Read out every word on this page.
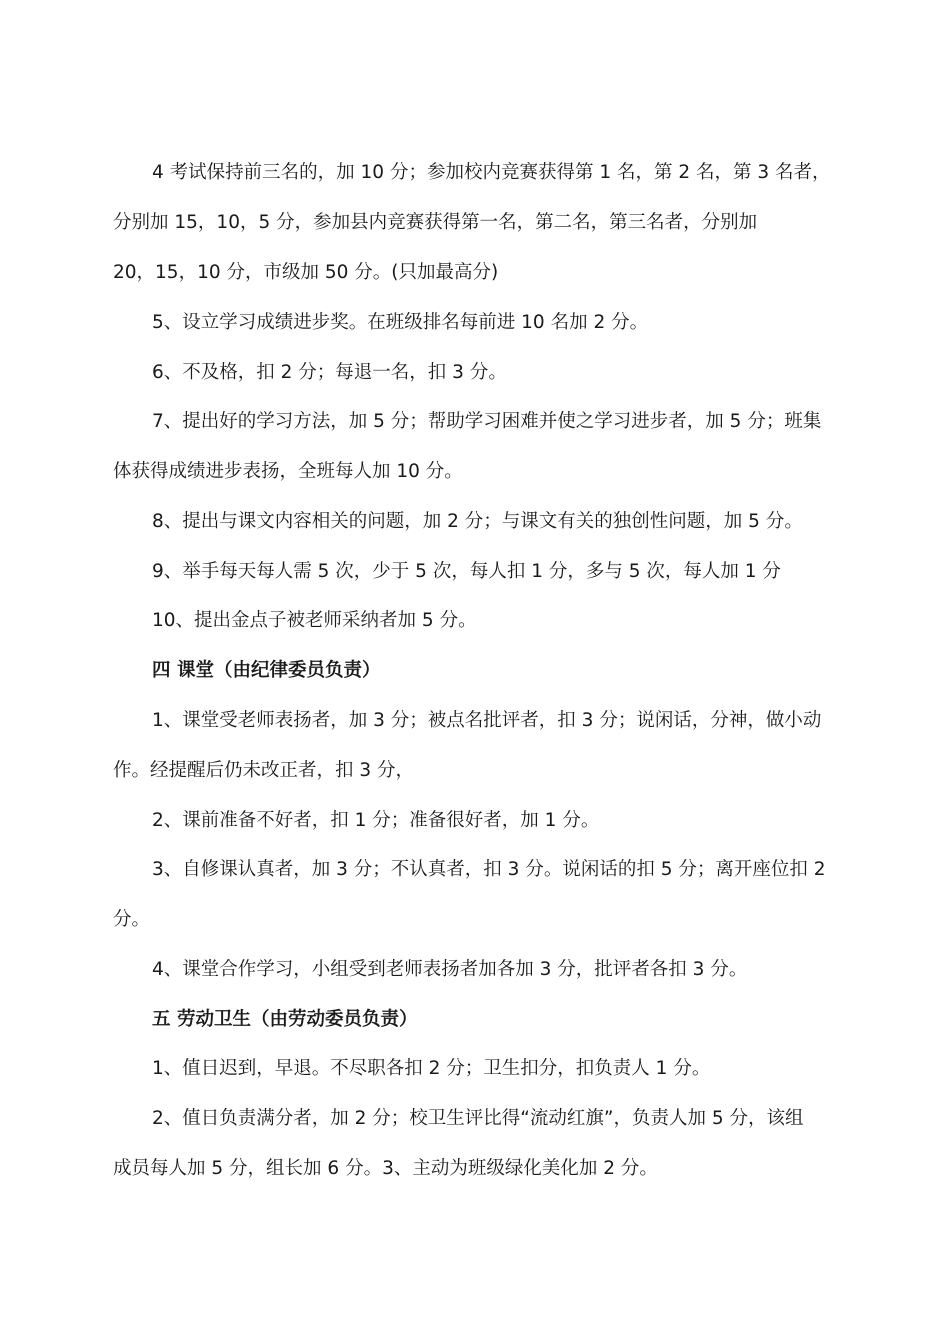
4 考试保持前三名的，加 10 分；参加校内竞赛获得第 1 名，第 2 名，第 3 名者，
分别加 15，10，5 分，参加县内竞赛获得第一名，第二名，第三名者，分别加
20，15，10 分，市级加 50 分。(只加最高分)
5、设立学习成绩进步奖。在班级排名每前进 10 名加 2 分。
6、不及格，扣 2 分；每退一名，扣 3 分。
7、提出好的学习方法，加 5 分；帮助学习困难并使之学习进步者，加 5 分；班集
体获得成绩进步表扬，全班每人加 10 分。
8、提出与课文内容相关的问题，加 2 分；与课文有关的独创性问题，加 5 分。
9、举手每天每人需 5 次，少于 5 次，每人扣 1 分，多与 5 次，每人加 1 分
10、提出金点子被老师采纳者加 5 分。
四 课堂（由纪律委员负责）
1、课堂受老师表扬者，加 3 分；被点名批评者，扣 3 分；说闲话，分神，做小动
作。经提醒后仍未改正者，扣 3 分，
2、课前准备不好者，扣 1 分；准备很好者，加 1 分。
3、自修课认真者，加 3 分；不认真者，扣 3 分。说闲话的扣 5 分；离开座位扣 2
分。
4、课堂合作学习，小组受到老师表扬者加各加 3 分，批评者各扣 3 分。
五 劳动卫生（由劳动委员负责）
1、值日迟到，早退。不尽职各扣 2 分；卫生扣分，扣负责人 1 分。
2、值日负责满分者，加 2 分；校卫生评比得“流动红旗”，负责人加 5 分，该组
成员每人加 5 分，组长加 6 分。3、主动为班级绿化美化加 2 分。
